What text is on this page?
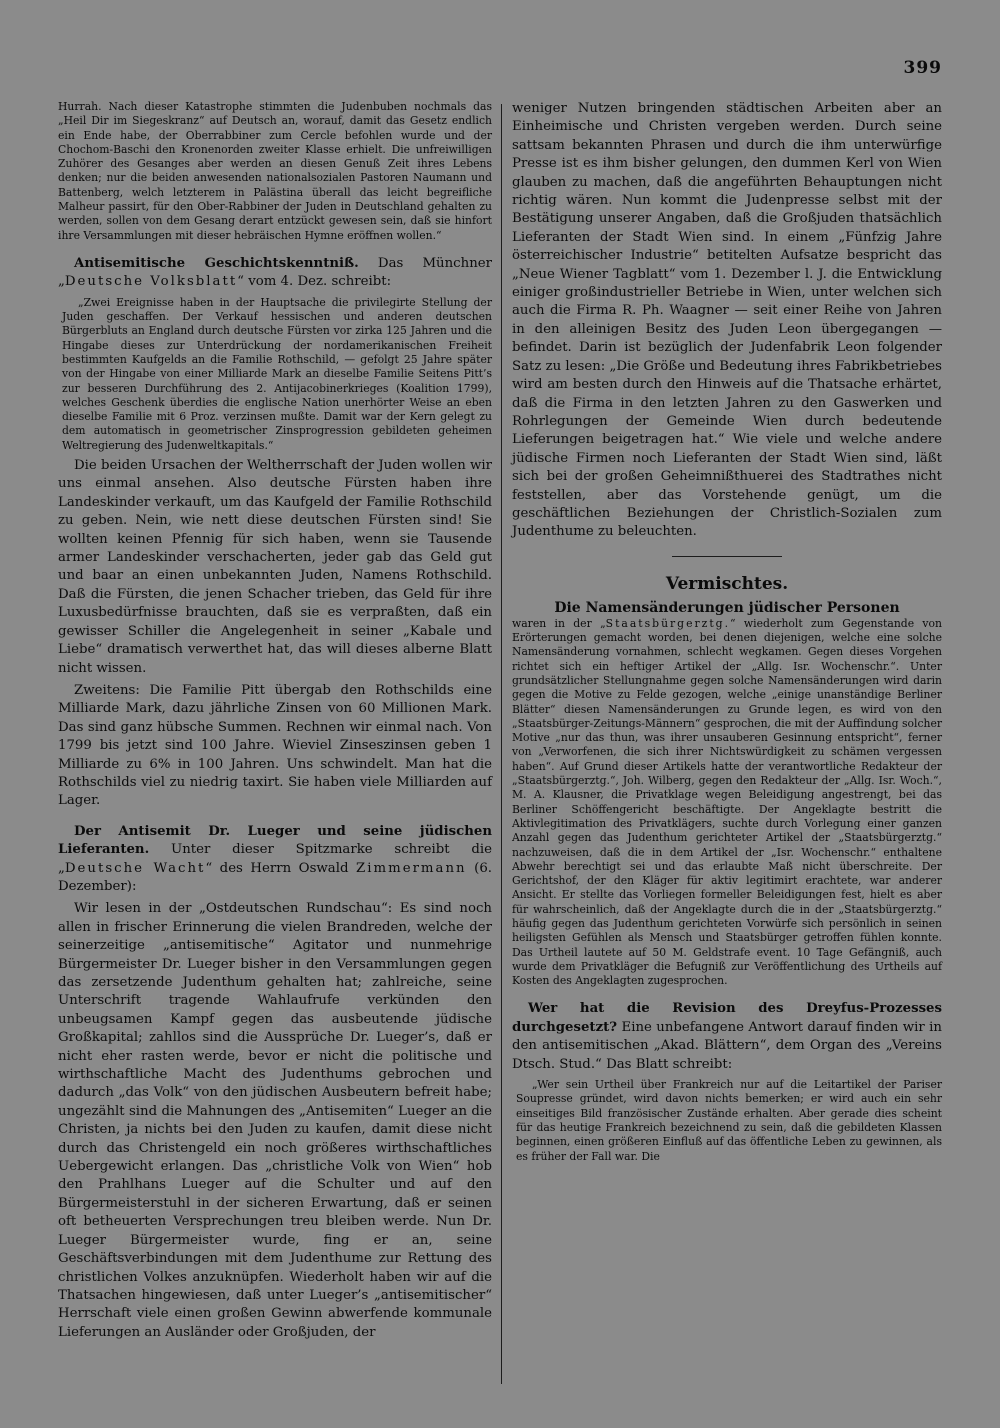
399

Hurrah. Nach dieser Katastrophe stimmten die Judenbuben nochmals das „Heil Dir im Siegeskranz“ auf Deutsch an, worauf, damit das Gesetz endlich ein Ende habe, der Oberrabbiner zum Cercle befohlen wurde und der Chochom-Baschi den Kronenorden zweiter Klasse erhielt. Die unfreiwilligen Zuhörer des Gesanges aber werden an diesen Genuß Zeit ihres Lebens denken; nur die beiden anwesenden nationalsozialen Pastoren Naumann und Battenberg, welch letzterem in Palästina überall das leicht begreifliche Malheur passirt, für den Ober-Rabbiner der Juden in Deutschland gehalten zu werden, sollen von dem Gesang derart entzückt gewesen sein, daß sie hinfort ihre Versammlungen mit dieser hebräischen Hymne eröffnen wollen.“

Antisemitische Geschichtskenntniß. Das Münchner „Deutsche Volksblatt“ vom 4. Dez. schreibt:

„Zwei Ereignisse haben in der Hauptsache die privilegirte Stellung der Juden geschaffen. Der Verkauf hessischen und anderen deutschen Bürgerbluts an England durch deutsche Fürsten vor zirka 125 Jahren und die Hingabe dieses zur Unterdrückung der nordamerikanischen Freiheit bestimmten Kaufgelds an die Familie Rothschild, — gefolgt 25 Jahre später von der Hingabe von einer Milliarde Mark an dieselbe Familie Seitens Pitt’s zur besseren Durchführung des 2. Antijacobinerkrieges (Koalition 1799), welches Geschenk überdies die englische Nation unerhörter Weise an eben dieselbe Familie mit 6 Proz. verzinsen mußte. Damit war der Kern gelegt zu dem automatisch in geometrischer Zinsprogression gebildeten geheimen Weltregierung des Judenweltkapitals.“

Die beiden Ursachen der Weltherrschaft der Juden wollen wir uns einmal ansehen. Also deutsche Fürsten haben ihre Landeskinder verkauft, um das Kaufgeld der Familie Rothschild zu geben. Nein, wie nett diese deutschen Fürsten sind! Sie wollten keinen Pfennig für sich haben, wenn sie Tausende armer Landeskinder verschacherten, jeder gab das Geld gut und baar an einen unbekannten Juden, Namens Rothschild. Daß die Fürsten, die jenen Schacher trieben, das Geld für ihre Luxusbedürfnisse brauchten, daß sie es verpraßten, daß ein gewisser Schiller die Angelegenheit in seiner „Kabale und Liebe“ dramatisch verwerthet hat, das will dieses alberne Blatt nicht wissen.

Zweitens: Die Familie Pitt übergab den Rothschilds eine Milliarde Mark, dazu jährliche Zinsen von 60 Millionen Mark. Das sind ganz hübsche Summen. Rechnen wir einmal nach. Von 1799 bis jetzt sind 100 Jahre. Wieviel Zinseszinsen geben 1 Milliarde zu 6% in 100 Jahren. Uns schwindelt. Man hat die Rothschilds viel zu niedrig taxirt. Sie haben viele Milliarden auf Lager.

Der Antisemit Dr. Lueger und seine jüdischen Lieferanten. Unter dieser Spitzmarke schreibt die „Deutsche Wacht“ des Herrn Oswald Zimmermann (6. Dezember):

Wir lesen in der „Ostdeutschen Rundschau“: Es sind noch allen in frischer Erinnerung die vielen Brandreden, welche der seinerzeitige „antisemitische“ Agitator und nunmehrige Bürgermeister Dr. Lueger bisher in den Versammlungen gegen das zersetzende Judenthum gehalten hat; zahlreiche, seine Unterschrift tragende Wahlaufrufe verkünden den unbeugsamen Kampf gegen das ausbeutende jüdische Großkapital; zahllos sind die Aussprüche Dr. Lueger’s, daß er nicht eher rasten werde, bevor er nicht die politische und wirthschaftliche Macht des Judenthums gebrochen und dadurch „das Volk“ von den jüdischen Ausbeutern befreit habe; ungezählt sind die Mahnungen des „Antisemiten“ Lueger an die Christen, ja nichts bei den Juden zu kaufen, damit diese nicht durch das Christengeld ein noch größeres wirthschaftliches Uebergewicht erlangen. Das „christliche Volk von Wien“ hob den Prahlhans Lueger auf die Schulter und auf den Bürgermeisterstuhl in der sicheren Erwartung, daß er seinen oft betheuerten Versprechungen treu bleiben werde. Nun Dr. Lueger Bürgermeister wurde, fing er an, seine Geschäftsverbindungen mit dem Judenthume zur Rettung des christlichen Volkes anzuknüpfen. Wiederholt haben wir auf die Thatsachen hingewiesen, daß unter Lueger’s „antisemitischer“ Herrschaft viele einen großen Gewinn abwerfende kommunale Lieferungen an Ausländer oder Großjuden, der

weniger Nutzen bringenden städtischen Arbeiten aber an Einheimische und Christen vergeben werden. Durch seine sattsam bekannten Phrasen und durch die ihm unterwürfige Presse ist es ihm bisher gelungen, den dummen Kerl von Wien glauben zu machen, daß die angeführten Behauptungen nicht richtig wären. Nun kommt die Judenpresse selbst mit der Bestätigung unserer Angaben, daß die Großjuden thatsächlich Lieferanten der Stadt Wien sind. In einem „Fünfzig Jahre österreichischer Industrie“ betitelten Aufsatze bespricht das „Neue Wiener Tagblatt“ vom 1. Dezember l. J. die Entwicklung einiger großindustrieller Betriebe in Wien, unter welchen sich auch die Firma R. Ph. Waagner — seit einer Reihe von Jahren in den alleinigen Besitz des Juden Leon übergegangen — befindet. Darin ist bezüglich der Judenfabrik Leon folgender Satz zu lesen: „Die Größe und Bedeutung ihres Fabrikbetriebes wird am besten durch den Hinweis auf die Thatsache erhärtet, daß die Firma in den letzten Jahren zu den Gaswerken und Rohrlegungen der Gemeinde Wien durch bedeutende Lieferungen beigetragen hat.“ Wie viele und welche andere jüdische Firmen noch Lieferanten der Stadt Wien sind, läßt sich bei der großen Geheimnißthuerei des Stadtrathes nicht feststellen, aber das Vorstehende genügt, um die geschäftlichen Beziehungen der Christlich-Sozialen zum Judenthume zu beleuchten.

Vermischtes.
Die Namensänderungen jüdischer Personen

waren in der „Staatsbürgerztg.“ wiederholt zum Gegenstande von Erörterungen gemacht worden, bei denen diejenigen, welche eine solche Namensänderung vornahmen, schlecht wegkamen. Gegen dieses Vorgehen richtet sich ein heftiger Artikel der „Allg. Isr. Wochenschr.“. Unter grundsätzlicher Stellungnahme gegen solche Namensänderungen wird darin gegen die Motive zu Felde gezogen, welche „einige unanständige Berliner Blätter“ diesen Namensänderungen zu Grunde legen, es wird von den „Staatsbürger-Zeitungs-Männern“ gesprochen, die mit der Auffindung solcher Motive „nur das thun, was ihrer unsauberen Gesinnung entspricht“, ferner von „Verworfenen, die sich ihrer Nichtswürdigkeit zu schämen vergessen haben“. Auf Grund dieser Artikels hatte der verantwortliche Redakteur der „Staatsbürgerztg.“, Joh. Wilberg, gegen den Redakteur der „Allg. Isr. Woch.“, M. A. Klausner, die Privatklage wegen Beleidigung angestrengt, bei das Berliner Schöffengericht beschäftigte. Der Angeklagte bestritt die Aktivlegitimation des Privatklägers, suchte durch Vorlegung einer ganzen Anzahl gegen das Judenthum gerichteter Artikel der „Staatsbürgerztg.“ nachzuweisen, daß die in dem Artikel der „Isr. Wochenschr.“ enthaltene Abwehr berechtigt sei und das erlaubte Maß nicht überschreite. Der Gerichtshof, der den Kläger für aktiv legitimirt erachtete, war anderer Ansicht. Er stellte das Vorliegen formeller Beleidigungen fest, hielt es aber für wahrscheinlich, daß der Angeklagte durch die in der „Staatsbürgerztg.“ häufig gegen das Judenthum gerichteten Vorwürfe sich persönlich in seinen heiligsten Gefühlen als Mensch und Staatsbürger getroffen fühlen konnte. Das Urtheil lautete auf 50 M. Geldstrafe event. 10 Tage Gefängniß, auch wurde dem Privatkläger die Befugniß zur Veröffentlichung des Urtheils auf Kosten des Angeklagten zugesprochen.

Wer hat die Revision des Dreyfus-Prozesses durchgesetzt? Eine unbefangene Antwort darauf finden wir in den antisemitischen „Akad. Blättern“, dem Organ des „Vereins Dtsch. Stud.“ Das Blatt schreibt:

„Wer sein Urtheil über Frankreich nur auf die Leitartikel der Pariser Soupresse gründet, wird davon nichts bemerken; er wird auch ein sehr einseitiges Bild französischer Zustände erhalten. Aber gerade dies scheint für das heutige Frankreich bezeichnend zu sein, daß die gebildeten Klassen beginnen, einen größeren Einfluß auf das öffentliche Leben zu gewinnen, als es früher der Fall war. Die
